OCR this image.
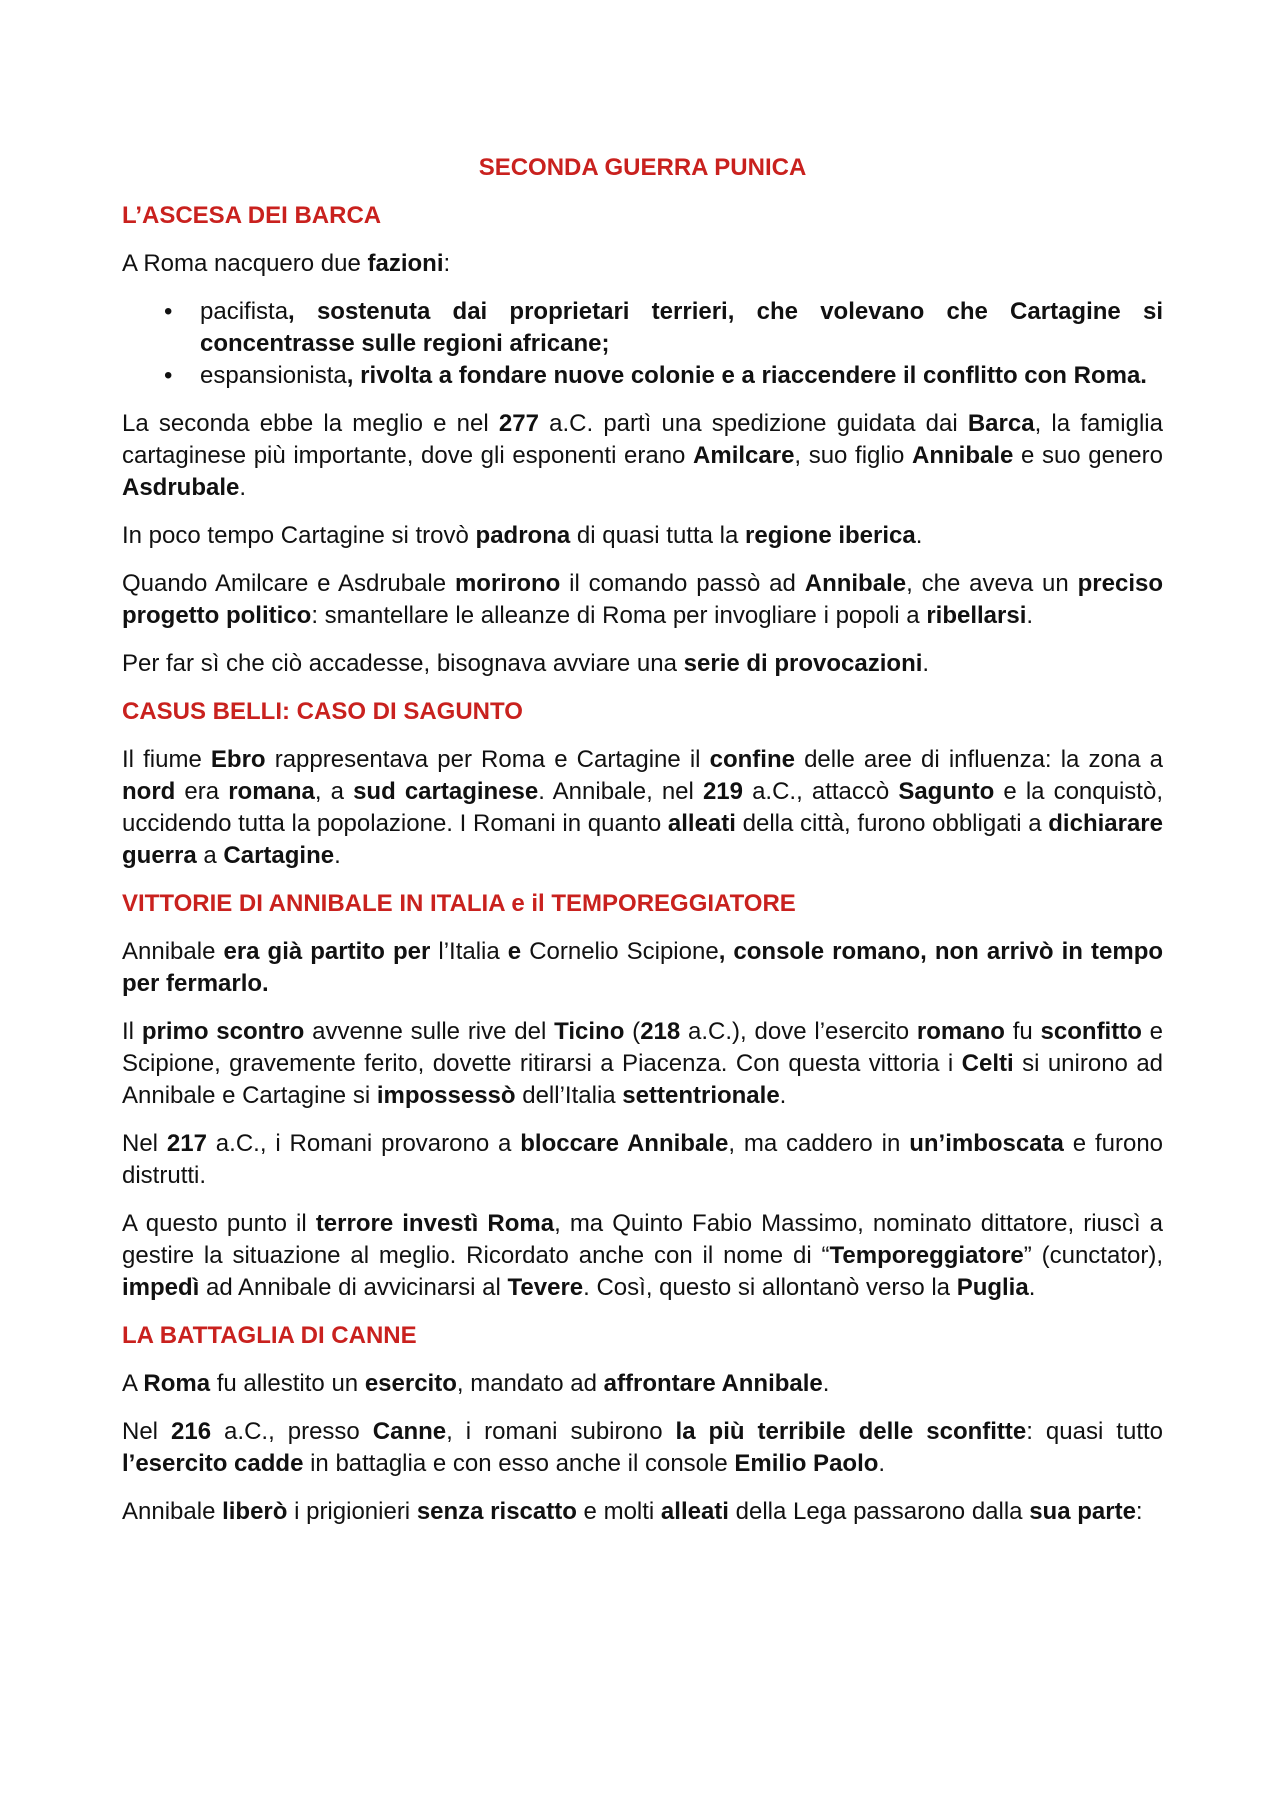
SECONDA GUERRA PUNICA
L’ASCESA DEI BARCA

A Roma nacquero due fazioni:

• pacifista, sostenuta dai proprietari terrieri, che volevano che Cartagine si concentrasse sulle regioni africane;
• espansionista, rivolta a fondare nuove colonie e a riaccendere il conflitto con Roma.

La seconda ebbe la meglio e nel 277 a.C. partì una spedizione guidata dai Barca, la famiglia cartaginese più importante, dove gli esponenti erano Amilcare, suo figlio Annibale e suo genero Asdrubale.

In poco tempo Cartagine si trovò padrona di quasi tutta la regione iberica.

Quando Amilcare e Asdrubale morirono il comando passò ad Annibale, che aveva un preciso progetto politico: smantellare le alleanze di Roma per invogliare i popoli a ribellarsi.

Per far sì che ciò accadesse, bisognava avviare una serie di provocazioni.

CASUS BELLI: CASO DI SAGUNTO

Il fiume Ebro rappresentava per Roma e Cartagine il confine delle aree di influenza: la zona a nord era romana, a sud cartaginese. Annibale, nel 219 a.C., attaccò Sagunto e la conquistò, uccidendo tutta la popolazione. I Romani in quanto alleati della città, furono obbligati a dichiarare guerra a Cartagine.

VITTORIE DI ANNIBALE IN ITALIA e il TEMPOREGGIATORE

Annibale era già partito per l’Italia e Cornelio Scipione, console romano, non arrivò in tempo per fermarlo.

Il primo scontro avvenne sulle rive del Ticino (218 a.C.), dove l’esercito romano fu sconfitto e Scipione, gravemente ferito, dovette ritirarsi a Piacenza. Con questa vittoria i Celti si unirono ad Annibale e Cartagine si impossessò dell’Italia settentrionale.

Nel 217 a.C., i Romani provarono a bloccare Annibale, ma caddero in un’imboscata e furono distrutti.

A questo punto il terrore investì Roma, ma Quinto Fabio Massimo, nominato dittatore, riuscì a gestire la situazione al meglio. Ricordato anche con il nome di “Temporeggiatore” (cunctator), impedì ad Annibale di avvicinarsi al Tevere. Così, questo si allontanò verso la Puglia.

LA BATTAGLIA DI CANNE

A Roma fu allestito un esercito, mandato ad affrontare Annibale.

Nel 216 a.C., presso Canne, i romani subirono la più terribile delle sconfitte: quasi tutto l’esercito cadde in battaglia e con esso anche il console Emilio Paolo.

Annibale liberò i prigionieri senza riscatto e molti alleati della Lega passarono dalla sua parte:
